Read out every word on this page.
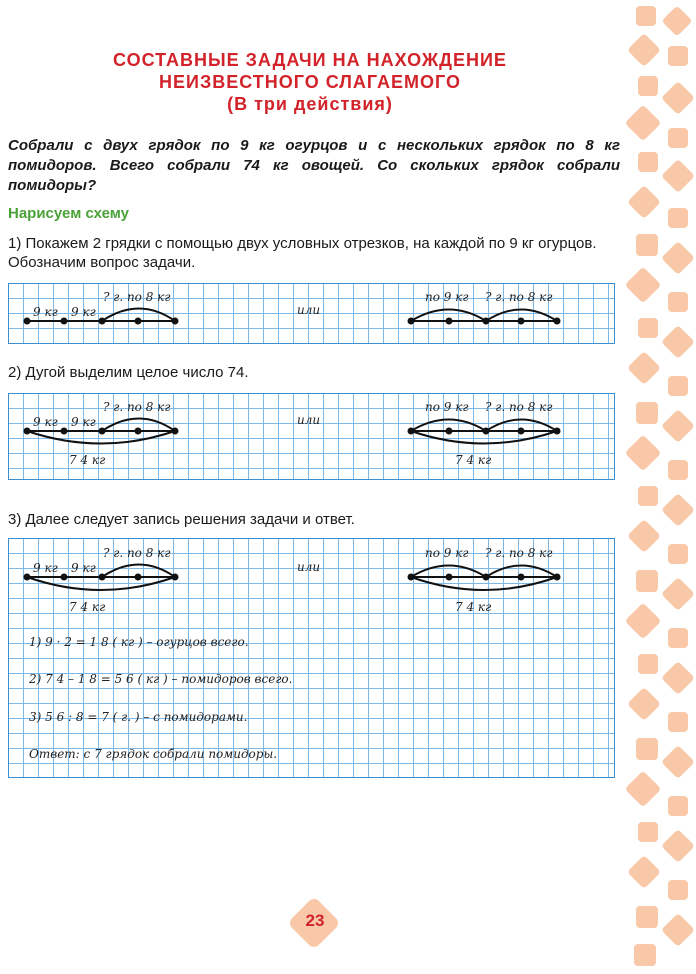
СОСТАВНЫЕ ЗАДАЧИ НА НАХОЖДЕНИЕ
НЕИЗВЕСТНОГО СЛАГАЕМОГО
(В три действия)
Собрали с двух грядок по 9 кг огурцов и с нескольких грядок по 8 кг помидоров. Всего собрали 74 кг овощей. Со скольких грядок собрали помидоры?
Нарисуем схему
1) Покажем 2 грядки с помощью двух условных отрезков, на каждой по 9 кг огурцов. Обозначим вопрос задачи.
9 кг 9 кг
? г. по 8 кг
или
по 9 кг ? г. по 8 кг
2) Дугой выделим целое число 74.
9 кг 9 кг
? г. по 8 кг
или
по 9 кг ? г. по 8 кг
7 4 кг	7 4 кг
3) Далее следует запись решения задачи и ответ.
9 кг 9 кг
? г. по 8 кг
или
по 9 кг ? г. по 8 кг
7 4 кг	7 4 кг
1) 9 · 2 = 1 8 ( кг ) – огурцов всего.
2) 7 4 – 1 8 = 5 6 ( кг ) – помидоров всего.
3) 5 6 : 8 = 7 ( г. ) – с помидорами.
Ответ: с 7 грядок собрали помидоры.
23
